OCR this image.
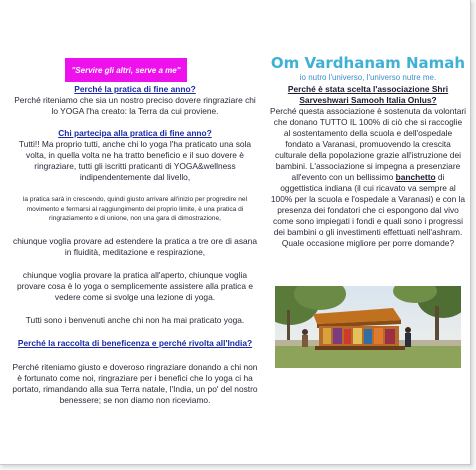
"Servire gli altri, serve a me"

Perché la pratica di fine anno?

Perché riteniamo che sia un nostro preciso dovere ringraziare chi lo YOGA l'ha creato: la Terra da cui proviene.

Chi partecipa alla pratica di fine anno?

Tutti!! Ma proprio tutti, anche chi lo yoga l'ha praticato una sola volta, in quella volta ne ha tratto beneficio e il suo dovere è ringraziare, tutti gli iscritti praticanti di YOGA&wellness indipendentemente dal livello,

la pratica sarà in crescendo, quindi giusto arrivare all'inizio per progredire nel movimento e fermarsi al raggiungimento del proprio limite, è una pratica di ringraziamento e di unione, non una gara di dimostrazione,

chiunque voglia provare ad estendere la pratica a tre ore di asana in fluidità, meditazione e respirazione,

chiunque voglia provare la pratica all'aperto, chiunque voglia provare cosa è lo yoga o semplicemente assistere alla pratica e vedere come si svolge una lezione di yoga.

Tutti sono i benvenuti anche chi non ha mai praticato yoga.

Perché la raccolta di beneficenza e perché rivolta all'India?

Perché riteniamo giusto e doveroso ringraziare donando a chi non è fortunato come noi, ringraziare per i benefici che lo yoga ci ha portato, rimandando alla sua Terra natale, l'India, un po' del nostro benessere; se non diamo non riceviamo.

Om Vardhanam Namah
io nutro l'universo, l'universo nutre me.

Perché è stata scelta l'associazione Shri Sarveshwari Samooh Italia Onlus?

Perché questa associazione è sostenuta da volontari che donano TUTTO IL 100% di ciò che si raccoglie al sostentamento della scuola e dell'ospedale fondato a Varanasi, promuovendo la crescita culturale della popolazione grazie all'istruzione dei bambini. L'associazione si impegna a presenziare all'evento con un bellissimo banchetto di oggettistica indiana (il cui ricavato va sempre al 100% per la scuola e l'ospedale a Varanasi) e con la presenza dei fondatori che ci espongono dal vivo come sono impiegati i fondi e quali sono i progressi dei bambini o gli investimenti effettuati nell'ashram. Quale occasione migliore per porre domande?
